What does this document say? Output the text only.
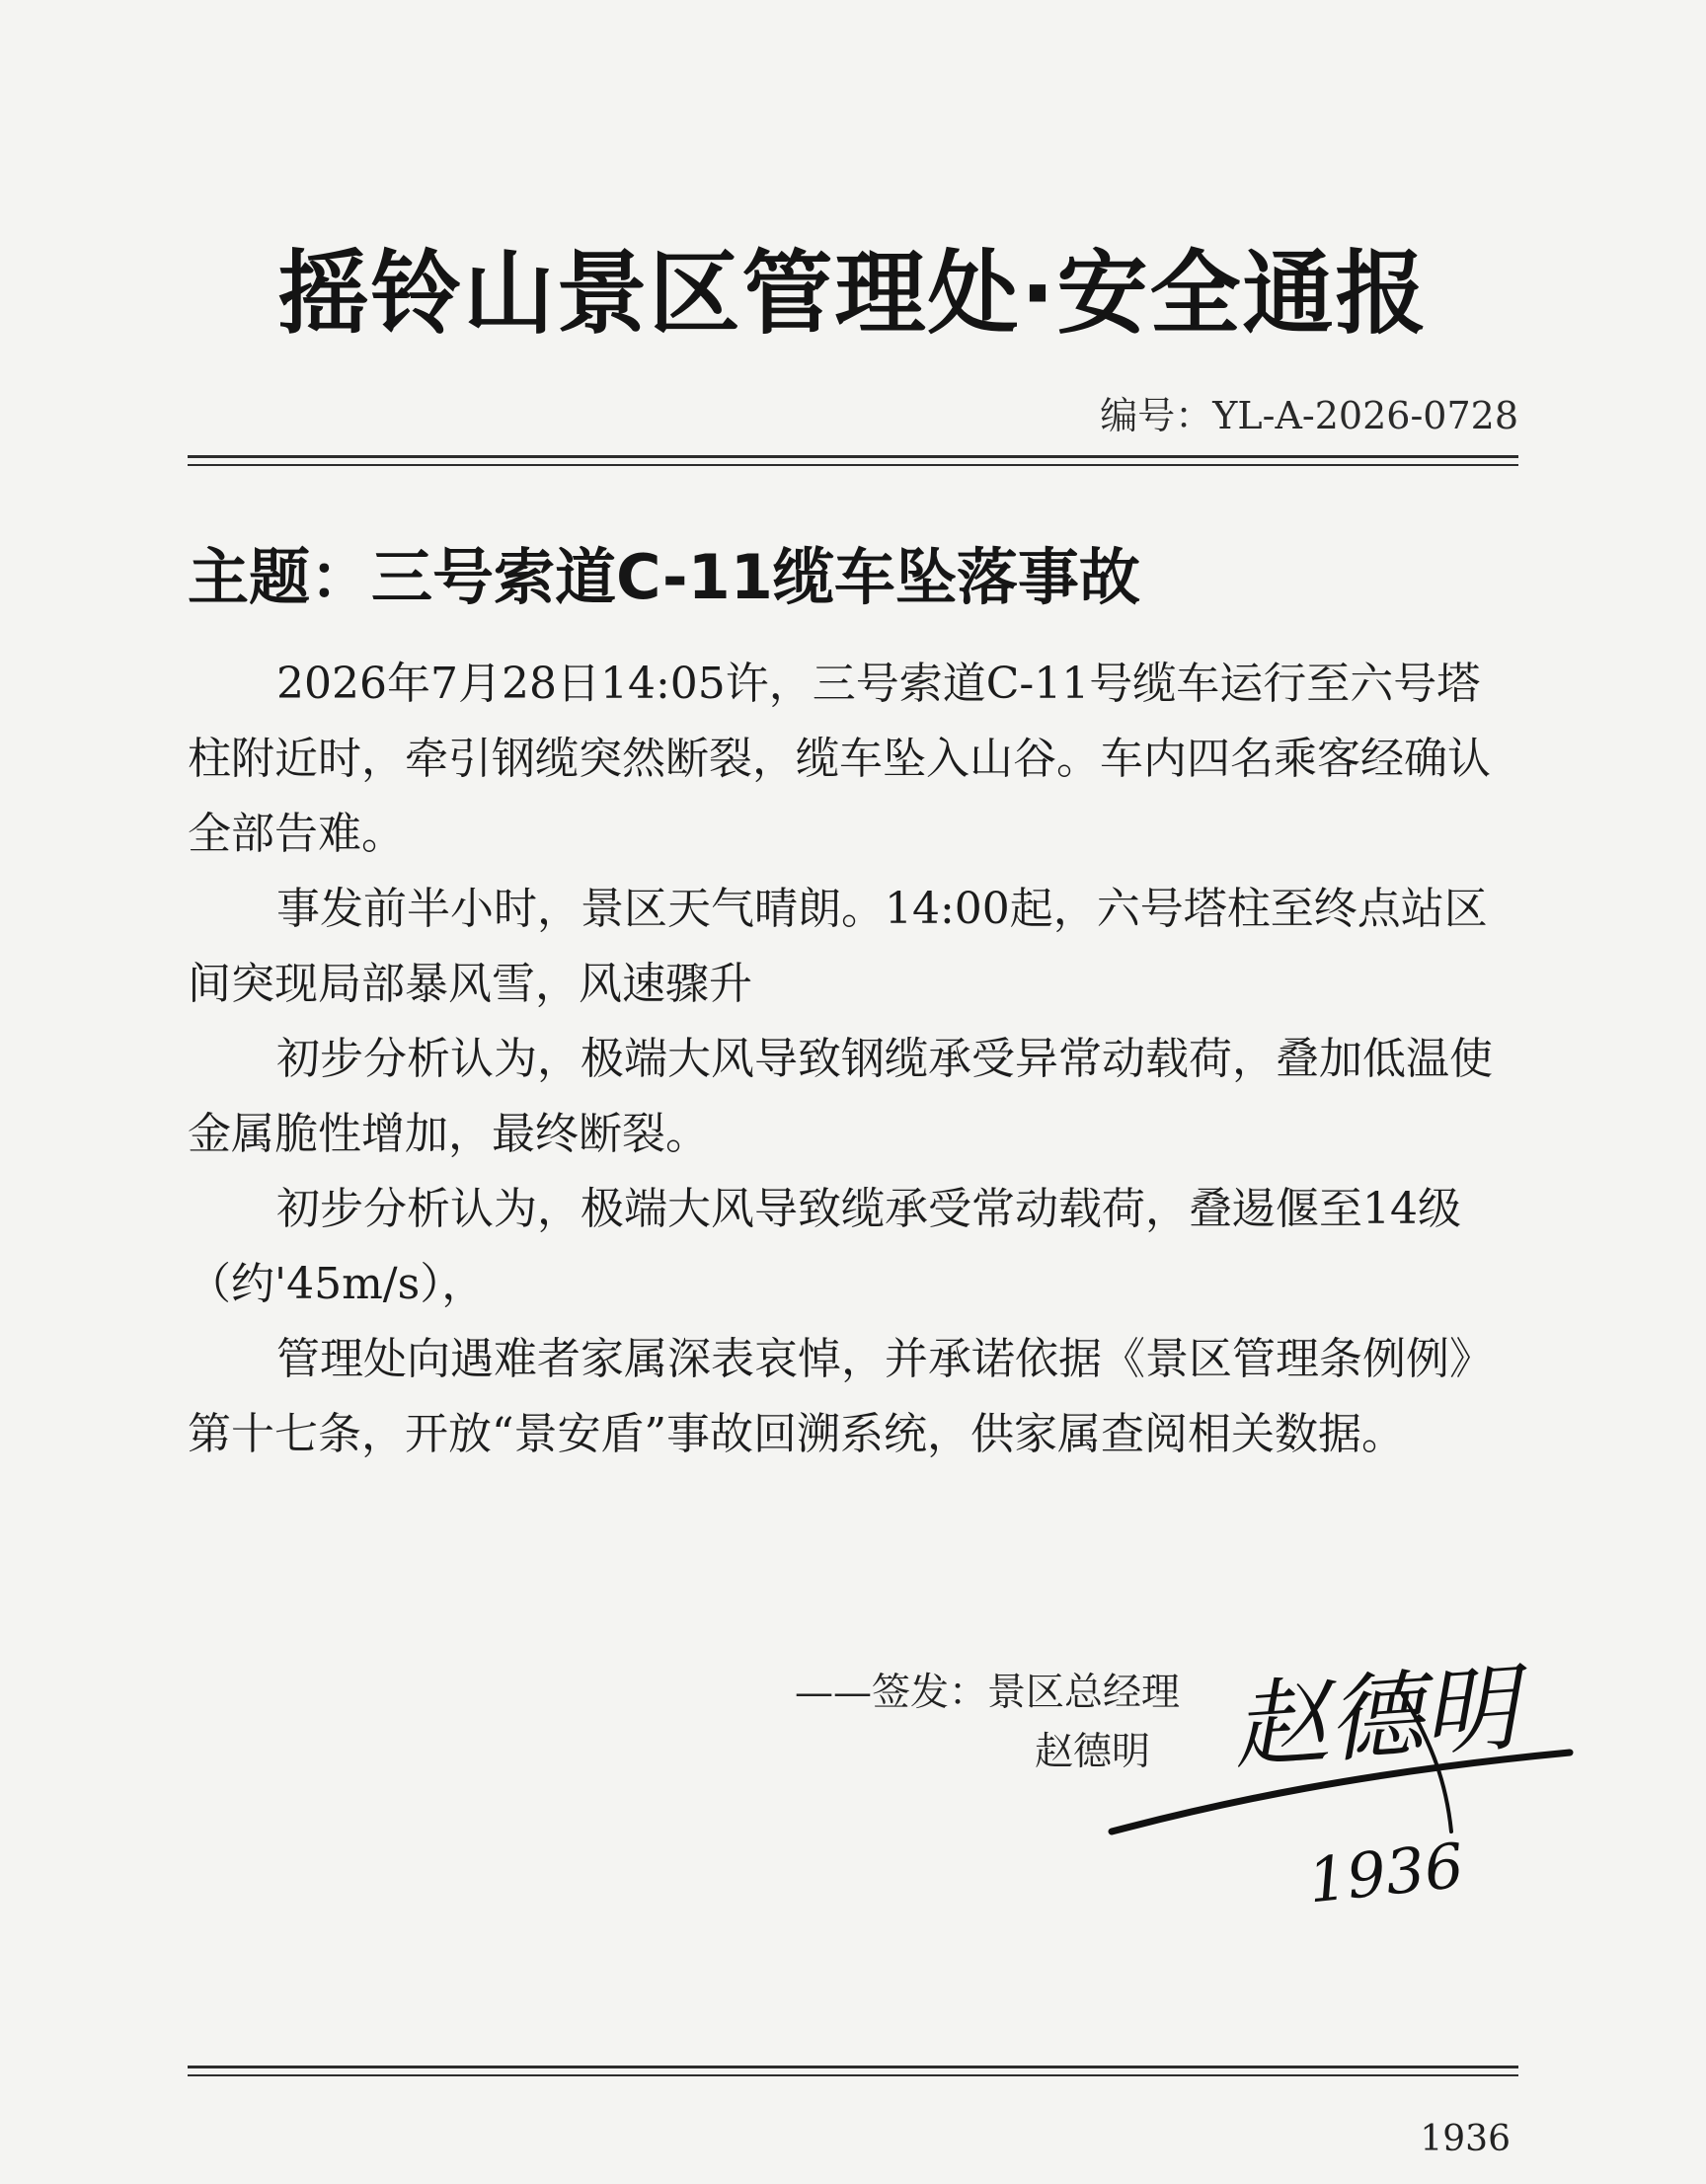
摇铃山景区管理处·安全通报
编号：YL-A-2026-0728
主题：三号索道C-11缆车坠落事故

2026年7月28日14:05许，三号索道C-11号缆车运行至六号塔柱附近时，牵引钢缆突然断裂，缆车坠入山谷。车内四名乘客经确认全部告难。

事发前半小时，景区天气晴朗。14:00起，六号塔柱至终点站区间突现局部暴风雪，风速骤升

初步分析认为，极端大风导致钢缆承受异常动载荷，叠加低温使金属脆性增加，最终断裂。

初步分析认为，极端大风导致缆承受常动载荷，叠逷偃至14级（约'45m/s），

管理处向遇难者家属深表哀悼，并承诺依据《景区管理条例例》第十七条，开放“景安盾”事故回溯系统，供家属查阅相关数据。

——签发：景区总经理
赵德明 赵德明
1936
1936
